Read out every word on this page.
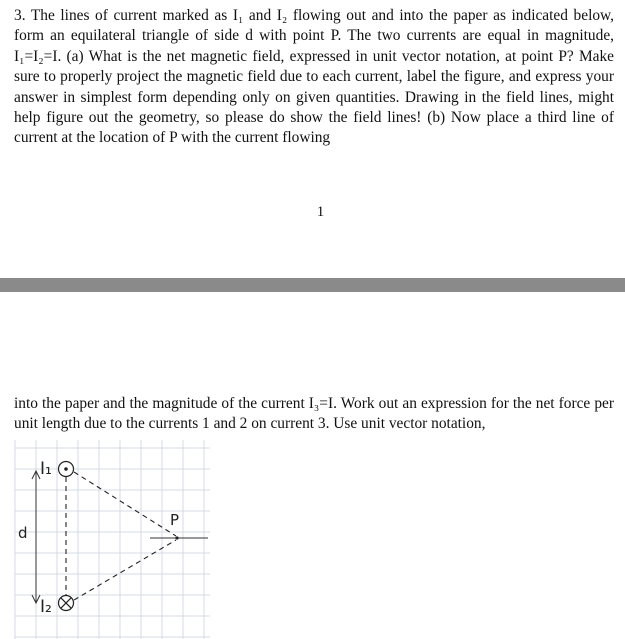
3. The lines of current marked as I₁ and I₂ flowing out and into the paper as indicated below, form an equilateral triangle of side d with point P. The two currents are equal in magnitude, I₁=I₂=I. (a) What is the net magnetic field, expressed in unit vector notation, at point P? Make sure to properly project the magnetic field due to each current, label the figure, and express your answer in simplest form depending only on given quantities. Drawing in the field lines, might help figure out the geometry, so please do show the field lines! (b) Now place a third line of current at the location of P with the current flowing

1

into the paper and the magnitude of the current I₃=I. Work out an expression for the net force per unit length due to the currents 1 and 2 on current 3. Use unit vector notation,

I₁
I₂
P
d
